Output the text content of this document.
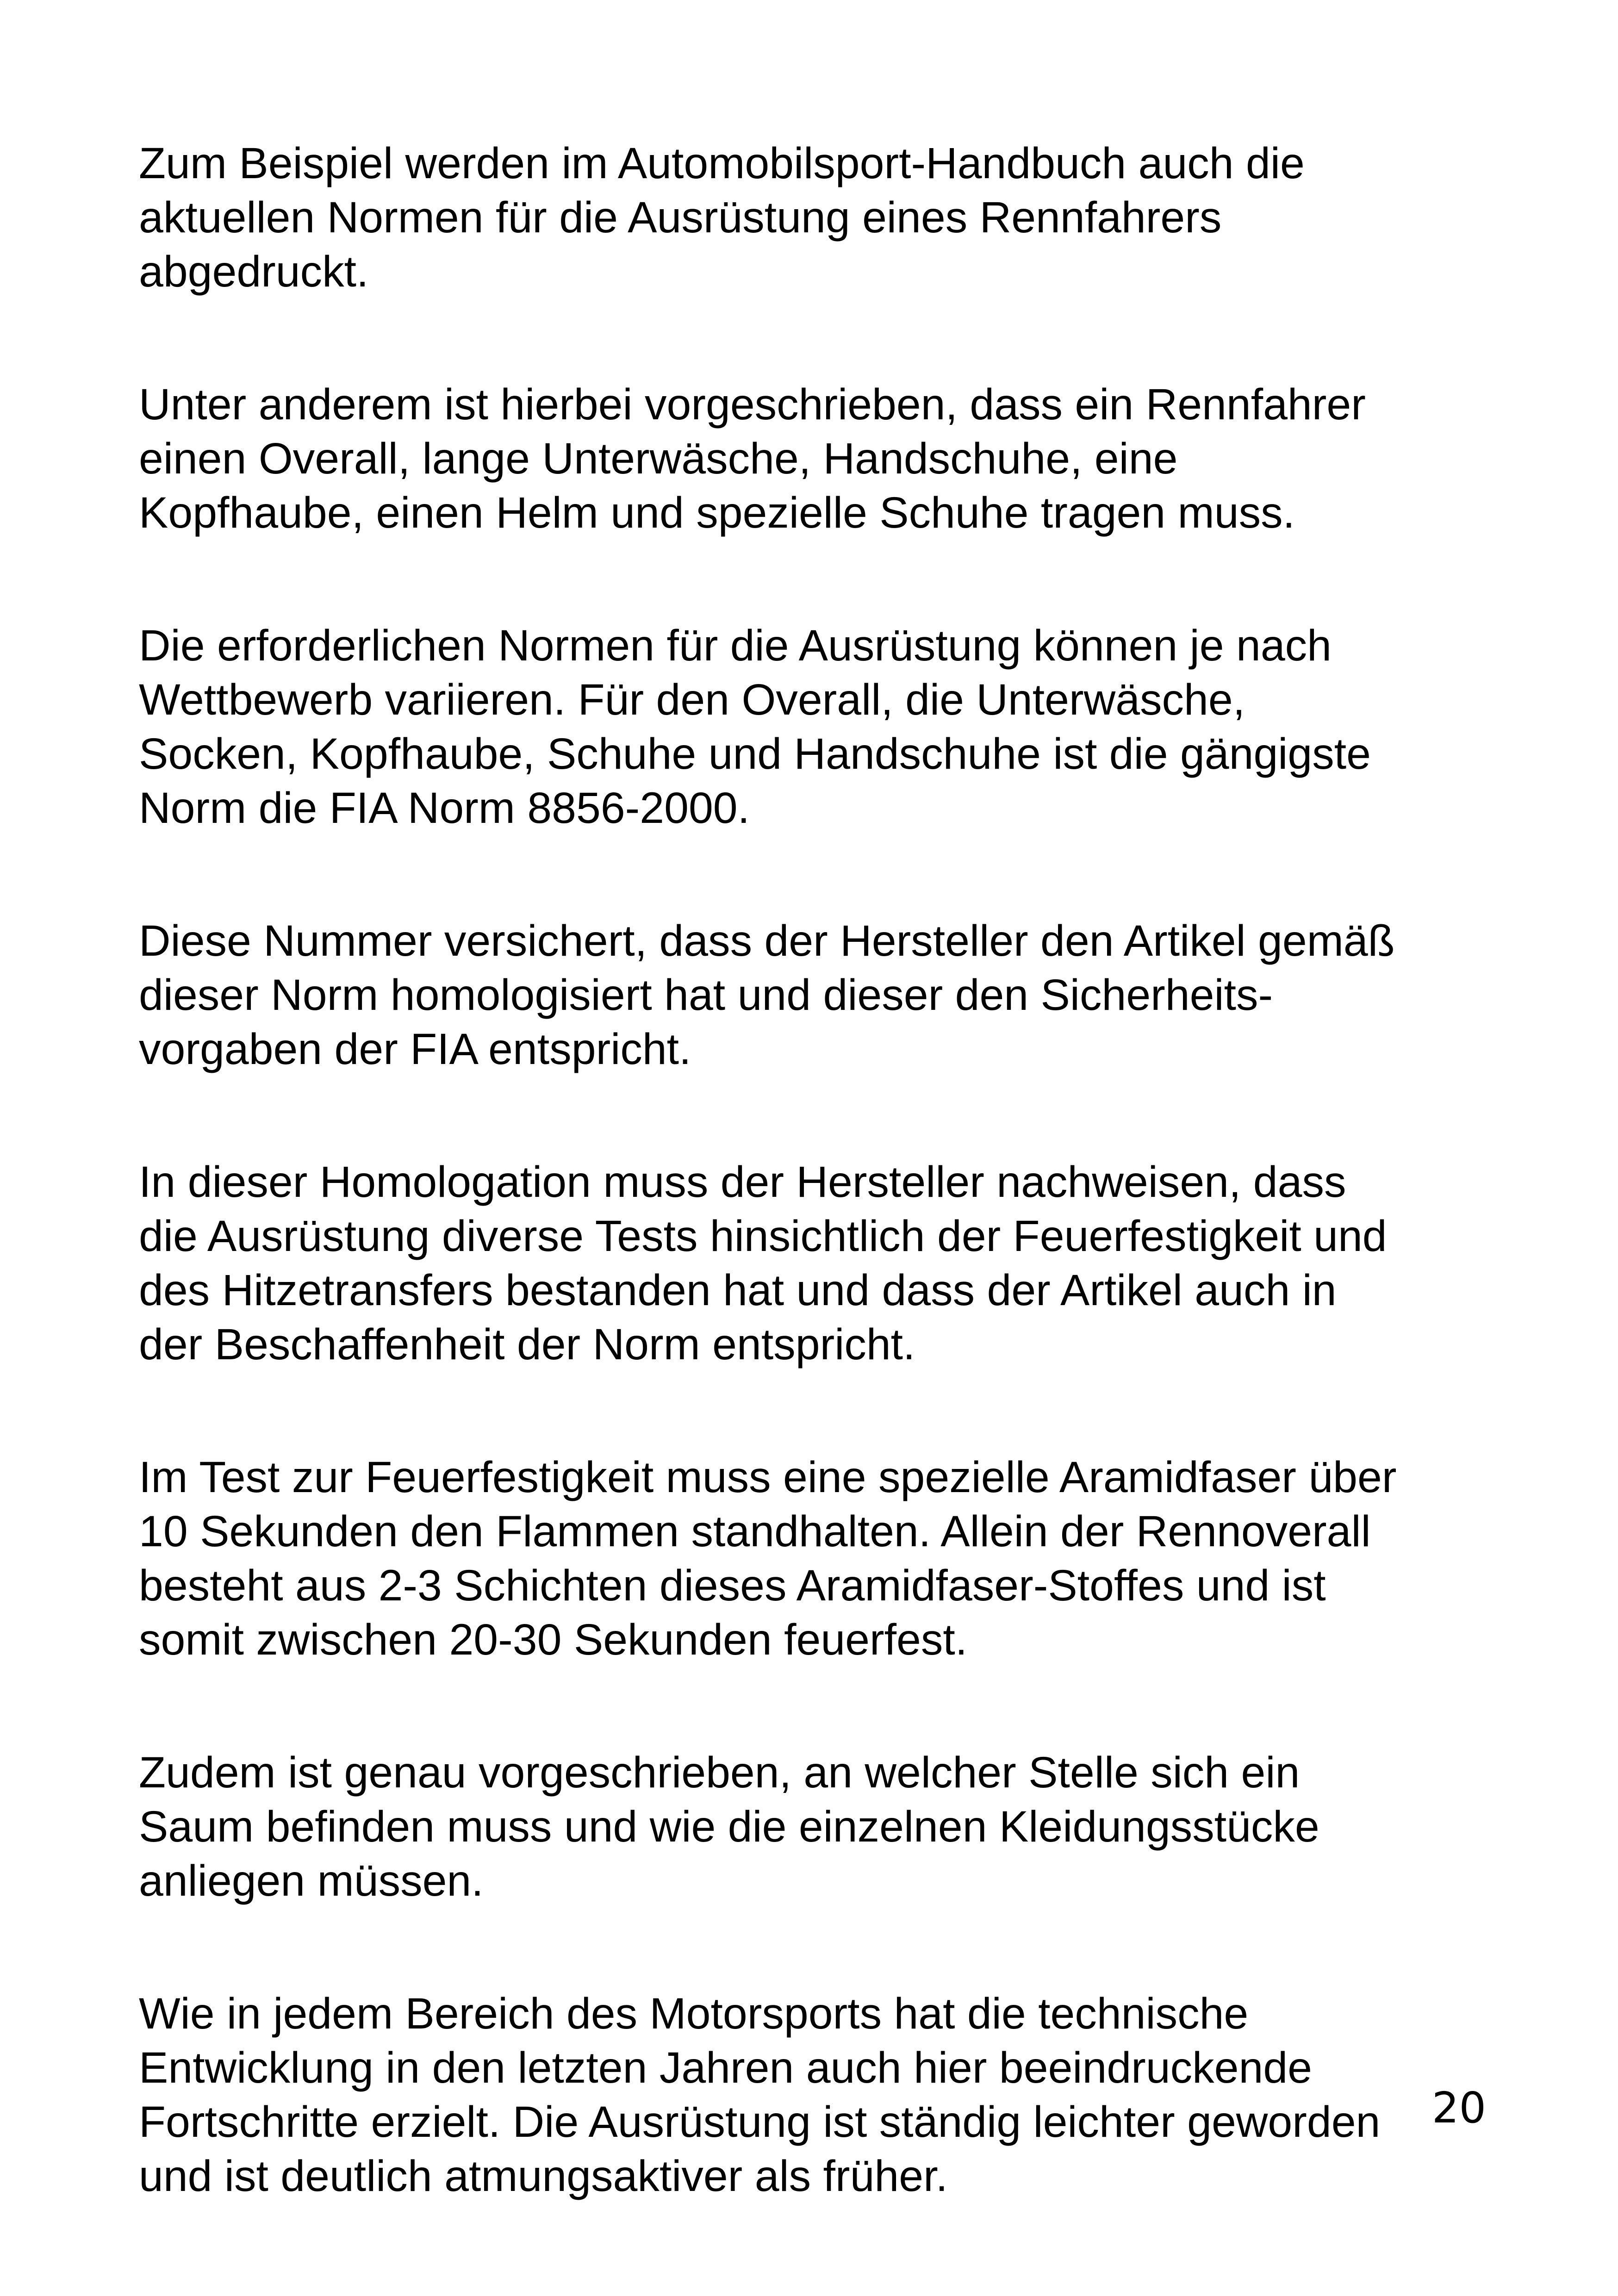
Zum Beispiel werden im Automobilsport-Handbuch auch die
aktuellen Normen für die Ausrüstung eines Rennfahrers
abgedruckt.

Unter anderem ist hierbei vorgeschrieben, dass ein Rennfahrer
einen Overall, lange Unterwäsche, Handschuhe, eine
Kopfhaube, einen Helm und spezielle Schuhe tragen muss.

Die erforderlichen Normen für die Ausrüstung können je nach
Wettbewerb variieren. Für den Overall, die Unterwäsche,
Socken, Kopfhaube, Schuhe und Handschuhe ist die gängigste
Norm die FIA Norm 8856-2000.

Diese Nummer versichert, dass der Hersteller den Artikel gemäß
dieser Norm homologisiert hat und dieser den Sicherheits-
vorgaben der FIA entspricht.

In dieser Homologation muss der Hersteller nachweisen, dass
die Ausrüstung diverse Tests hinsichtlich der Feuerfestigkeit und
des Hitzetransfers bestanden hat und dass der Artikel auch in
der Beschaffenheit der Norm entspricht.

Im Test zur Feuerfestigkeit muss eine spezielle Aramidfaser über
10 Sekunden den Flammen standhalten. Allein der Rennoverall
besteht aus 2-3 Schichten dieses Aramidfaser-Stoffes und ist
somit zwischen 20-30 Sekunden feuerfest.

Zudem ist genau vorgeschrieben, an welcher Stelle sich ein
Saum befinden muss und wie die einzelnen Kleidungsstücke
anliegen müssen.

Wie in jedem Bereich des Motorsports hat die technische
Entwicklung in den letzten Jahren auch hier beeindruckende
Fortschritte erzielt. Die Ausrüstung ist ständig leichter geworden
und ist deutlich atmungsaktiver als früher.

20
